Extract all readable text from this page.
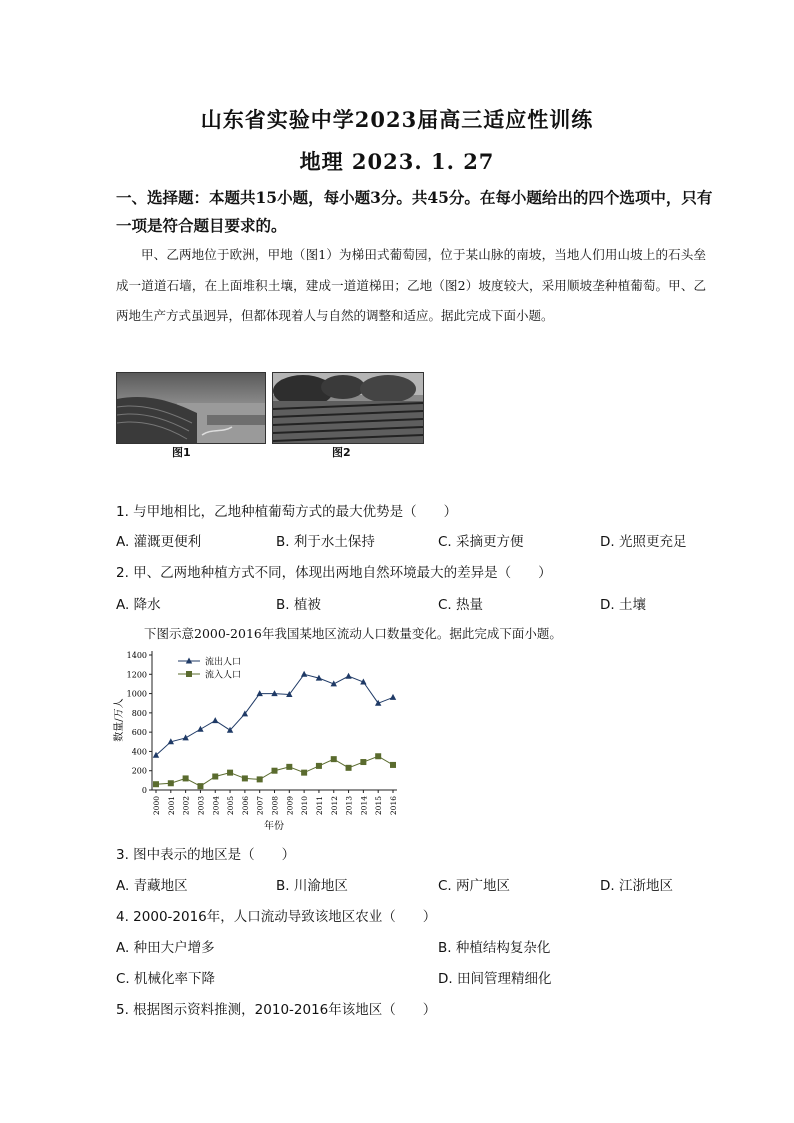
山东省实验中学2023届高三适应性训练
地理 2023. 1. 27
一、选择题：本题共15小题，每小题3分。共45分。在每小题给出的四个选项中，只有一项是符合题目要求的。

甲、乙两地位于欧洲，甲地（图1）为梯田式葡萄园，位于某山脉的南坡，当地人们用山坡上的石头垒成一道道石墙，在上面堆积土壤，建成一道道梯田；乙地（图2）坡度较大，采用顺坡垄种植葡萄。甲、乙两地生产方式虽迥异，但都体现着人与自然的调整和适应。据此完成下面小题。

图1	图2
1. 与甲地相比，乙地种植葡萄方式的最大优势是（　　）
A. 灌溉更便利	B. 利于水土保持	C. 采摘更方便	D. 光照更充足
2. 甲、乙两地种植方式不同，体现出两地自然环境最大的差异是（　　）
A. 降水	B. 植被	C. 热量	D. 土壤
下图示意2000-2016年我国某地区流动人口数量变化。据此完成下面小题。
0
200
400
600
800
1000
1200
1400
2000 2001 2002 2003 2004 2005 2006 2007 2008 2009 2010 2011 2012 2013 2014 2015 2016
流出人口
流入人口
数量/万人
年份
3. 图中表示的地区是（　　）
A. 青藏地区	B. 川渝地区	C. 两广地区	D. 江浙地区
4. 2000-2016年，人口流动导致该地区农业（　　）
A. 种田大户增多	B. 种植结构复杂化
C. 机械化率下降	D. 田间管理精细化
5. 根据图示资料推测，2010-2016年该地区（　　）
